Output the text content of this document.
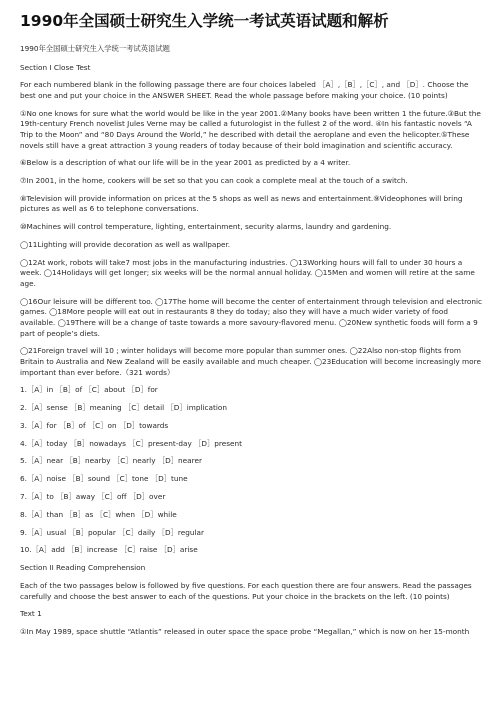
1990年全国硕士研究生入学统一考试英语试题和解析
1990年全国硕士研究生入学统一考试英语试题
Section I Close Test
For each numbered blank in the following passage there are four choices labeled ［A］,［B］,［C］, and ［D］. Choose the best one and put your choice in the ANSWER SHEET. Read the whole passage before making your choice. (10 points)
①No one knows for sure what the world would be like in the year 2001.②Many books have been written 1 the future.③But the 19th-century French novelist Jules Verne may be called a futurologist in the fullest 2 of the word. ④In his fantastic novels “A Trip to the Moon” and “80 Days Around the World,” he described with detail the aeroplane and even the helicopter.⑤These novels still have a great attraction 3 young readers of today because of their bold imagination and scientific accuracy.
⑥Below is a description of what our life will be in the year 2001 as predicted by a 4 writer.
⑦In 2001, in the home, cookers will be set so that you can cook a complete meal at the touch of a switch.
⑧Television will provide information on prices at the 5 shops as well as news and entertainment.⑨Videophones will bring pictures as well as 6 to telephone conversations.
⑩Machines will control temperature, lighting, entertainment, security alarms, laundry and gardening.
◯11Lighting will provide decoration as well as wallpaper.
◯12At work, robots will take7 most jobs in the manufacturing industries. ◯13Working hours will fall to under 30 hours a week. ◯14Holidays will get longer; six weeks will be the normal annual holiday. ◯15Men and women will retire at the same age.
◯16Our leisure will be different too. ◯17The home will become the center of entertainment through television and electronic games. ◯18More people will eat out in restaurants 8 they do today; also they will have a much wider variety of food available. ◯19There will be a change of taste towards a more savoury-flavored menu. ◯20New synthetic foods will form a 9 part of people’s diets.
◯21Foreign travel will 10 ; winter holidays will become more popular than summer ones. ◯22Also non-stop flights from Britain to Australia and New Zealand will be easily available and much cheaper. ◯23Education will become increasingly more important than ever before.（321 words）
1.［A］in ［B］of ［C］about ［D］for
2.［A］sense ［B］meaning ［C］detail ［D］implication
3.［A］for ［B］of ［C］on ［D］towards
4.［A］today ［B］nowadays ［C］present-day ［D］present
5.［A］near ［B］nearby ［C］nearly ［D］nearer
6.［A］noise ［B］sound ［C］tone ［D］tune
7.［A］to ［B］away ［C］off ［D］over
8.［A］than ［B］as ［C］when ［D］while
9.［A］usual ［B］popular ［C］daily ［D］regular
10.［A］add ［B］increase ［C］raise ［D］arise
Section II Reading Comprehension
Each of the two passages below is followed by five questions. For each question there are four answers. Read the passages carefully and choose the best answer to each of the questions. Put your choice in the brackets on the left. (10 points)
Text 1
①In May 1989, space shuttle “Atlantis” released in outer space the space probe “Megallan,” which is now on her 15-month
